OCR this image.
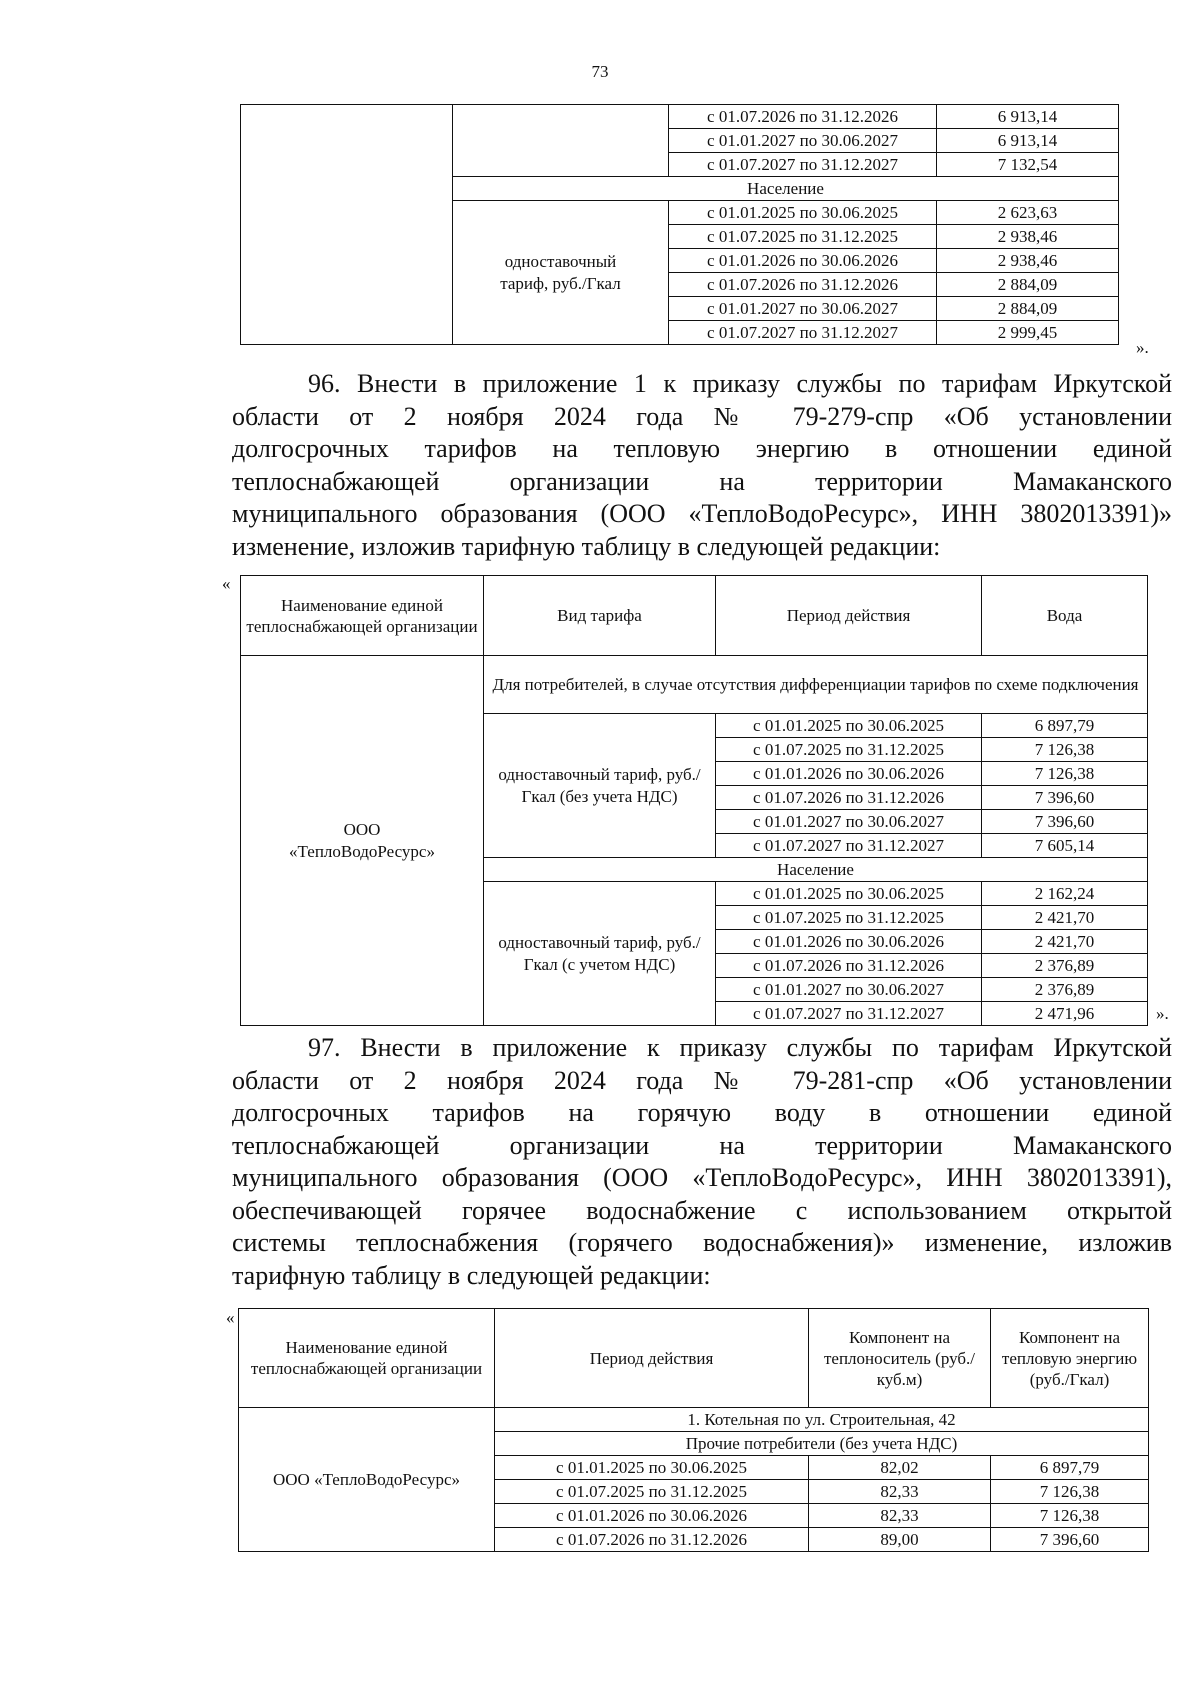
73
		с 01.07.2026 по 31.12.2026	6 913,14
		с 01.01.2027 по 30.06.2027	6 913,14
		с 01.07.2027 по 31.12.2027	7 132,54
	Население		
	одноставочный
тариф, руб./Гкал	с 01.01.2025 по 30.06.2025	2 623,63
		с 01.07.2025 по 31.12.2025	2 938,46
		с 01.01.2026 по 30.06.2026	2 938,46
		с 01.07.2026 по 31.12.2026	2 884,09
		с 01.01.2027 по 30.06.2027	2 884,09
		с 01.07.2027 по 31.12.2027	2 999,45
».
96. Внести в приложение 1 к приказу службы по тарифам Иркутской
области от 2 ноября 2024 года № 79-279-спр «Об установлении
долгосрочных тарифов на тепловую энергию в отношении единой
теплоснабжающей организации на территории Мамаканского
муниципального образования (ООО «ТеплоВодоРесурс», ИНН 3802013391)»
изменение, изложив тарифную таблицу в следующей редакции:
«
Наименование единой теплоснабжающей организации	Вид тарифа	Период действия	Вода
ООО
«ТеплоВодоРесурс»	Для потребителей, в случае отсутствия дифференциации тарифов по схеме подключения		
	одноставочный тариф, руб./Гкал (без учета НДС)	с 01.01.2025 по 30.06.2025	6 897,79
		с 01.07.2025 по 31.12.2025	7 126,38
		с 01.01.2026 по 30.06.2026	7 126,38
		с 01.07.2026 по 31.12.2026	7 396,60
		с 01.01.2027 по 30.06.2027	7 396,60
		с 01.07.2027 по 31.12.2027	7 605,14
	Население		
	одноставочный тариф, руб./Гкал (с учетом НДС)	с 01.01.2025 по 30.06.2025	2 162,24
		с 01.07.2025 по 31.12.2025	2 421,70
		с 01.01.2026 по 30.06.2026	2 421,70
		с 01.07.2026 по 31.12.2026	2 376,89
		с 01.01.2027 по 30.06.2027	2 376,89
		с 01.07.2027 по 31.12.2027	2 471,96	».
97. Внести в приложение к приказу службы по тарифам Иркутской
области от 2 ноября 2024 года № 79-281-спр «Об установлении
долгосрочных тарифов на горячую воду в отношении единой
теплоснабжающей организации на территории Мамаканского
муниципального образования (ООО «ТеплоВодоРесурс», ИНН 3802013391),
обеспечивающей горячее водоснабжение с использованием открытой
системы теплоснабжения (горячего водоснабжения)» изменение, изложив
тарифную таблицу в следующей редакции:
«
Наименование единой теплоснабжающей организации	Период действия	Компонент на теплоноситель (руб./куб.м)	Компонент на тепловую энергию (руб./Гкал)
ООО «ТеплоВодоРесурс»	1. Котельная по ул. Строительная, 42		
	Прочие потребители (без учета НДС)		
	с 01.01.2025 по 30.06.2025	82,02	6 897,79
	с 01.07.2025 по 31.12.2025	82,33	7 126,38
	с 01.01.2026 по 30.06.2026	82,33	7 126,38
	с 01.07.2026 по 31.12.2026	89,00	7 396,60
